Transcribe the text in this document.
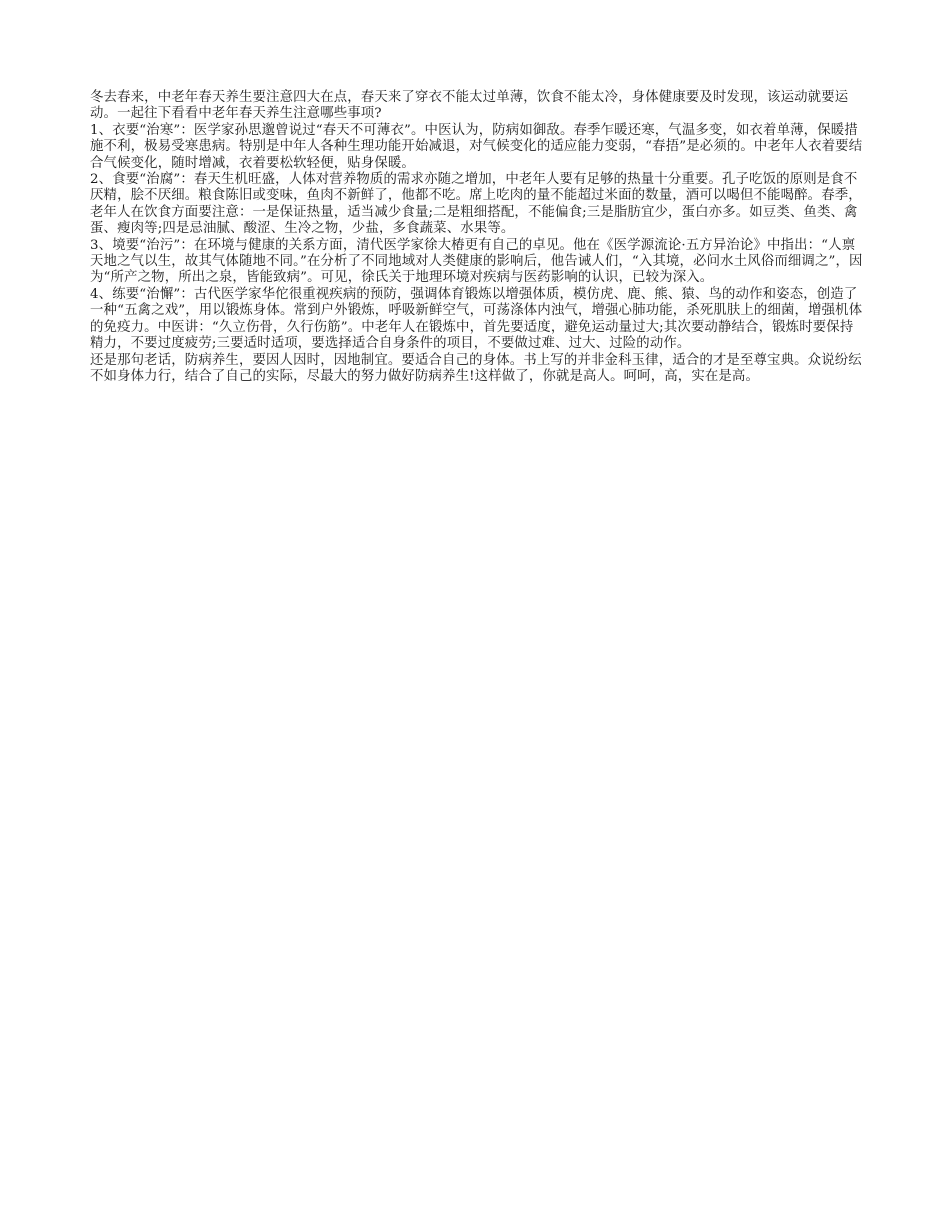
冬去春来，中老年春天养生要注意四大在点，春天来了穿衣不能太过单薄，饮食不能太冷，身体健康要及时发现，该运动就要运动。一起往下看看中老年春天养生注意哪些事项?

1、衣要“治寒”：医学家孙思邈曾说过“春天不可薄衣”。中医认为，防病如御敌。春季乍暖还寒，气温多变，如衣着单薄，保暖措施不利，极易受寒患病。特别是中年人各种生理功能开始减退，对气候变化的适应能力变弱，“春捂”是必须的。中老年人衣着要结合气候变化，随时增减，衣着要松软轻便，贴身保暖。

2、食要“治腐”：春天生机旺盛，人体对营养物质的需求亦随之增加，中老年人要有足够的热量十分重要。孔子吃饭的原则是食不厌精，脍不厌细。粮食陈旧或变味，鱼肉不新鲜了，他都不吃。席上吃肉的量不能超过米面的数量，酒可以喝但不能喝醉。春季，老年人在饮食方面要注意：一是保证热量，适当减少食量;二是粗细搭配，不能偏食;三是脂肪宜少，蛋白亦多。如豆类、鱼类、禽蛋、瘦肉等;四是忌油腻、酸涩、生冷之物，少盐，多食蔬菜、水果等。

3、境要“治污”：在环境与健康的关系方面，清代医学家徐大椿更有自己的卓见。他在《医学源流论·五方异治论》中指出：“人禀天地之气以生，故其气体随地不同。”在分析了不同地域对人类健康的影响后，他告诫人们，“入其境，必问水土风俗而细调之”，因为“所产之物，所出之泉，皆能致病”。可见，徐氏关于地理环境对疾病与医药影响的认识，已较为深入。

4、练要“治懈”：古代医学家华佗很重视疾病的预防，强调体育锻炼以增强体质，模仿虎、鹿、熊、猿、鸟的动作和姿态，创造了一种“五禽之戏”，用以锻炼身体。常到户外锻炼，呼吸新鲜空气，可荡涤体内浊气，增强心肺功能，杀死肌肤上的细菌，增强机体的免疫力。中医讲：“久立伤骨，久行伤筋”。中老年人在锻炼中，首先要适度，避免运动量过大;其次要动静结合，锻炼时要保持精力，不要过度疲劳;三要适时适项，要选择适合自身条件的项目，不要做过难、过大、过险的动作。

还是那句老话，防病养生，要因人因时，因地制宜。要适合自己的身体。书上写的并非金科玉律，适合的才是至尊宝典。众说纷纭不如身体力行，结合了自己的实际，尽最大的努力做好防病养生!这样做了，你就是高人。呵呵，高，实在是高。
